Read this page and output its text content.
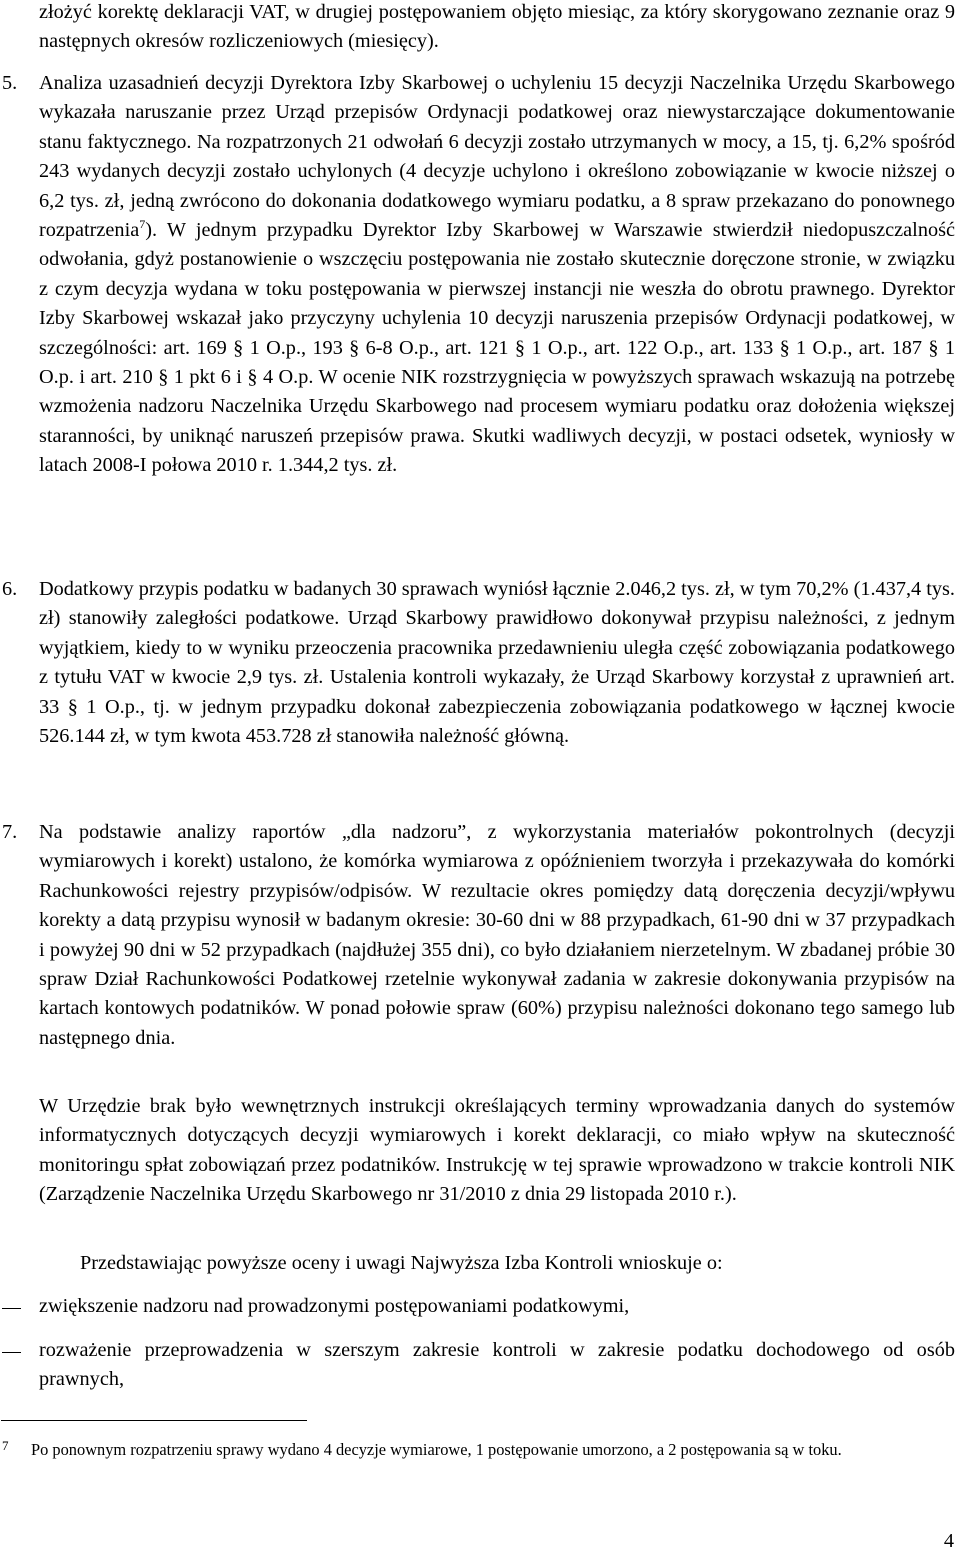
złożyć korektę deklaracji VAT, w drugiej postępowaniem objęto miesiąc, za który skorygowano zeznanie oraz 9 następnych okresów rozliczeniowych (miesięcy).

5. Analiza uzasadnień decyzji Dyrektora Izby Skarbowej o uchyleniu 15 decyzji Naczelnika Urzędu Skarbowego wykazała naruszanie przez Urząd przepisów Ordynacji podatkowej oraz niewystarczające dokumentowanie stanu faktycznego. Na rozpatrzonych 21 odwołań 6 decyzji zostało utrzymanych w mocy, a 15, tj. 6,2% spośród 243 wydanych decyzji zostało uchylonych (4 decyzje uchylono i określono zobowiązanie w kwocie niższej o 6,2 tys. zł, jedną zwrócono do dokonania dodatkowego wymiaru podatku, a 8 spraw przekazano do ponownego rozpatrzenia$^7$). W jednym przypadku Dyrektor Izby Skarbowej w Warszawie stwierdził niedopuszczalność odwołania, gdyż postanowienie o wszczęciu postępowania nie zostało skutecznie doręczone stronie, w związku z czym decyzja wydana w toku postępowania w pierwszej instancji nie weszła do obrotu prawnego. Dyrektor Izby Skarbowej wskazał jako przyczyny uchylenia 10 decyzji naruszenia przepisów Ordynacji podatkowej, w szczególności: art. 169 § 1 O.p., 193 § 6-8 O.p., art. 121 § 1 O.p., art. 122 O.p., art. 133 § 1 O.p., art. 187 § 1 O.p. i art. 210 § 1 pkt 6 i § 4 O.p. W ocenie NIK rozstrzygnięcia w powyższych sprawach wskazują na potrzebę wzmożenia nadzoru Naczelnika Urzędu Skarbowego nad procesem wymiaru podatku oraz dołożenia większej staranności, by uniknąć naruszeń przepisów prawa. Skutki wadliwych decyzji, w postaci odsetek, wyniosły w latach 2008-I połowa 2010 r. 1.344,2 tys. zł.

6. Dodatkowy przypis podatku w badanych 30 sprawach wyniósł łącznie 2.046,2 tys. zł, w tym 70,2% (1.437,4 tys. zł) stanowiły zaległości podatkowe. Urząd Skarbowy prawidłowo dokonywał przypisu należności, z jednym wyjątkiem, kiedy to w wyniku przeoczenia pracownika przedawnieniu uległa część zobowiązania podatkowego z tytułu VAT w kwocie 2,9 tys. zł. Ustalenia kontroli wykazały, że Urząd Skarbowy korzystał z uprawnień art. 33 § 1 O.p., tj. w jednym przypadku dokonał zabezpieczenia zobowiązania podatkowego w łącznej kwocie 526.144 zł, w tym kwota 453.728 zł stanowiła należność główną.

7. Na podstawie analizy raportów „dla nadzoru”, z wykorzystania materiałów pokontrolnych (decyzji wymiarowych i korekt) ustalono, że komórka wymiarowa z opóźnieniem tworzyła i przekazywała do komórki Rachunkowości rejestry przypisów/odpisów. W rezultacie okres pomiędzy datą doręczenia decyzji/wpływu korekty a datą przypisu wynosił w badanym okresie: 30-60 dni w 88 przypadkach, 61-90 dni w 37 przypadkach i powyżej 90 dni w 52 przypadkach (najdłużej 355 dni), co było działaniem nierzetelnym. W zbadanej próbie 30 spraw Dział Rachunkowości Podatkowej rzetelnie wykonywał zadania w zakresie dokonywania przypisów na kartach kontowych podatników. W ponad połowie spraw (60%) przypisu należności dokonano tego samego lub następnego dnia.

W Urzędzie brak było wewnętrznych instrukcji określających terminy wprowadzania danych do systemów informatycznych dotyczących decyzji wymiarowych i korekt deklaracji, co miało wpływ na skuteczność monitoringu spłat zobowiązań przez podatników. Instrukcję w tej sprawie wprowadzono w trakcie kontroli NIK (Zarządzenie Naczelnika Urzędu Skarbowego nr 31/2010 z dnia 29 listopada 2010 r.).

Przedstawiając powyższe oceny i uwagi Najwyższa Izba Kontroli wnioskuje o:

zwiększenie nadzoru nad prowadzonymi postępowaniami podatkowymi,

rozważenie przeprowadzenia w szerszym zakresie kontroli w zakresie podatku dochodowego od osób prawnych,

7 Po ponownym rozpatrzeniu sprawy wydano 4 decyzje wymiarowe, 1 postępowanie umorzono, a 2 postępowania są w toku.

4
